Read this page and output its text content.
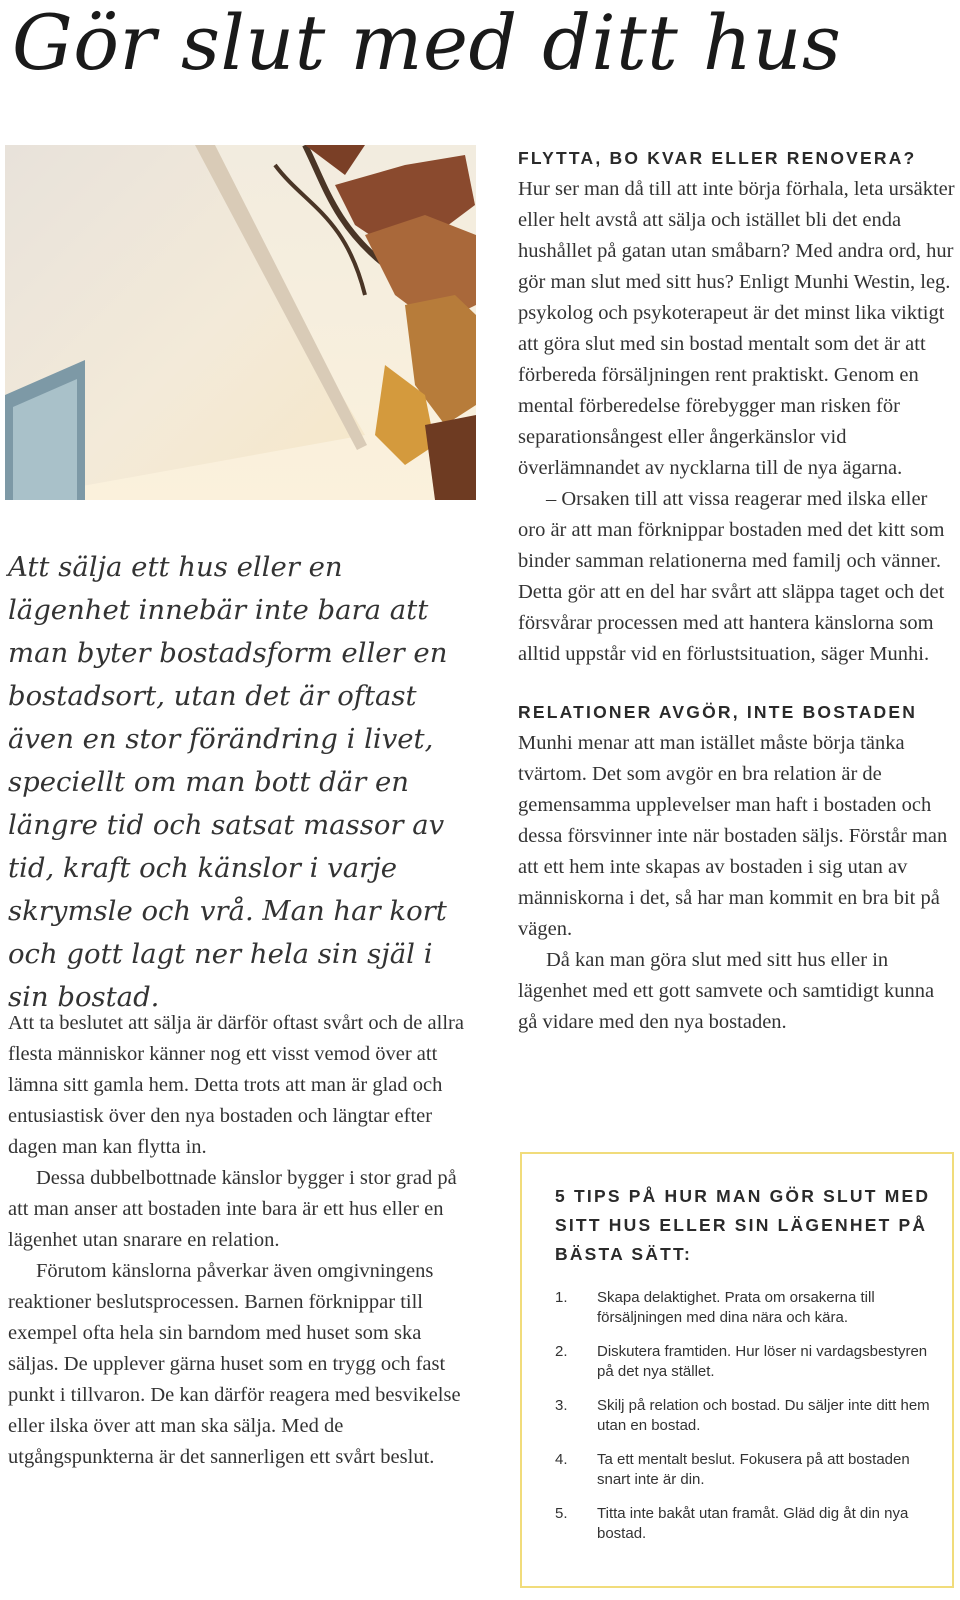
Gör slut med ditt hus

Att sälja ett hus eller en lägenhet innebär inte bara att man byter bostadsform eller en bostadsort, utan det är oftast även en stor förändring i livet, speciellt om man bott där en längre tid och satsat massor av tid, kraft och känslor i varje skrymsle och vrå. Man har kort och gott lagt ner hela sin själ i sin bostad.

Att ta beslutet att sälja är därför oftast svårt och de allra flesta människor känner nog ett visst vemod över att lämna sitt gamla hem. Detta trots att man är glad och entusiastisk över den nya bostaden och längtar efter dagen man kan flytta in.

Dessa dubbelbottnade känslor bygger i stor grad på att man anser att bostaden inte bara är ett hus eller en lägenhet utan snarare en relation.

Förutom känslorna påverkar även omgivningens reaktioner beslutsprocessen. Barnen förknippar till exempel ofta hela sin barndom med huset som ska säljas. De upplever gärna huset som en trygg och fast punkt i tillvaron. De kan därför reagera med besvikelse eller ilska över att man ska sälja. Med de utgångspunkterna är det sannerligen ett svårt beslut.

FLYTTA, BO KVAR ELLER RENOVERA?

Hur ser man då till att inte börja förhala, leta ursäkter eller helt avstå att sälja och istället bli det enda hushållet på gatan utan småbarn? Med andra ord, hur gör man slut med sitt hus? Enligt Munhi Westin, leg. psykolog och psykoterapeut är det minst lika viktigt att göra slut med sin bostad mentalt som det är att förbereda försäljningen rent praktiskt. Genom en mental förberedelse förebygger man risken för separationsångest eller ångerkänslor vid överlämnandet av nycklarna till de nya ägarna.

– Orsaken till att vissa reagerar med ilska eller oro är att man förknippar bostaden med det kitt som binder samman relationerna med familj och vänner. Detta gör att en del har svårt att släppa taget och det försvårar processen med att hantera känslorna som alltid uppstår vid en förlustsituation, säger Munhi.

RELATIONER AVGÖR, INTE BOSTADEN

Munhi menar att man istället måste börja tänka tvärtom. Det som avgör en bra relation är de gemensamma upplevelser man haft i bostaden och dessa försvinner inte när bostaden säljs. Förstår man att ett hem inte skapas av bostaden i sig utan av människorna i det, så har man kommit en bra bit på vägen.

Då kan man göra slut med sitt hus eller in lägenhet med ett gott samvete och samtidigt kunna gå vidare med den nya bostaden.

5 TIPS PÅ HUR MAN GÖR SLUT MED SITT HUS ELLER SIN LÄGENHET PÅ BÄSTA SÄTT:
1.	Skapa delaktighet. Prata om orsakerna till försäljningen med dina nära och kära.
2.	Diskutera framtiden. Hur löser ni vardagsbestyren på det nya stället.
3.	Skilj på relation och bostad. Du säljer inte ditt hem utan en bostad.
4.	Ta ett mentalt beslut. Fokusera på att bostaden snart inte är din.
5.	Titta inte bakåt utan framåt. Gläd dig åt din nya bostad.
